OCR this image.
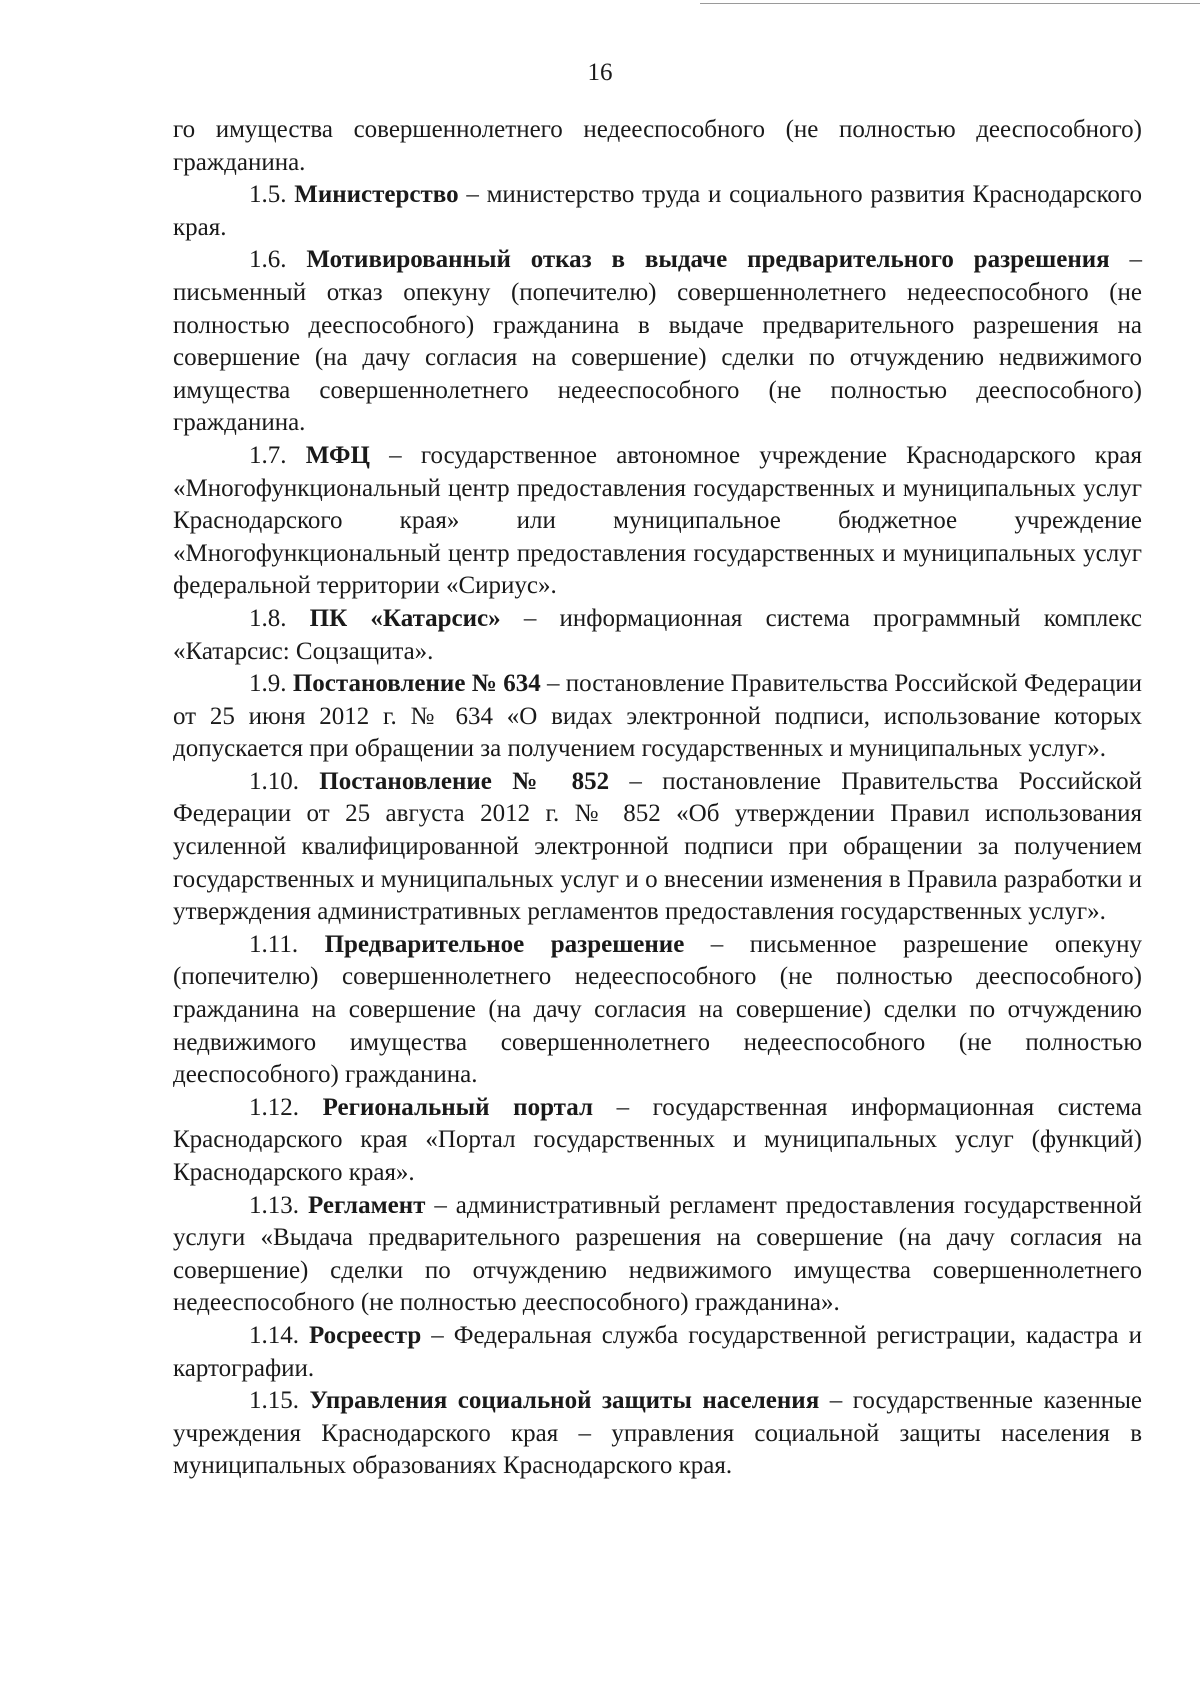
16

го имущества совершеннолетнего недееспособного (не полностью дееспособного) гражданина.

1.5. Министерство – министерство труда и социального развития Краснодарского края.

1.6. Мотивированный отказ в выдаче предварительного разрешения – письменный отказ опекуну (попечителю) совершеннолетнего недееспособного (не полностью дееспособного) гражданина в выдаче предварительного разрешения на совершение (на дачу согласия на совершение) сделки по отчуждению недвижимого имущества совершеннолетнего недееспособного (не полностью дееспособного) гражданина.

1.7. МФЦ – государственное автономное учреждение Краснодарского края «Многофункциональный центр предоставления государственных и муниципальных услуг Краснодарского края» или муниципальное бюджетное учреждение «Многофункциональный центр предоставления государственных и муниципальных услуг федеральной территории «Сириус».

1.8. ПК «Катарсис» – информационная система программный комплекс «Катарсис: Соцзащита».

1.9. Постановление № 634 – постановление Правительства Российской Федерации от 25 июня 2012 г. № 634 «О видах электронной подписи, использование которых допускается при обращении за получением государственных и муниципальных услуг».

1.10. Постановление № 852 – постановление Правительства Российской Федерации от 25 августа 2012 г. № 852 «Об утверждении Правил использования усиленной квалифицированной электронной подписи при обращении за получением государственных и муниципальных услуг и о внесении изменения в Правила разработки и утверждения административных регламентов предоставления государственных услуг».

1.11. Предварительное разрешение – письменное разрешение опекуну (попечителю) совершеннолетнего недееспособного (не полностью дееспособного) гражданина на совершение (на дачу согласия на совершение) сделки по отчуждению недвижимого имущества совершеннолетнего недееспособного (не полностью дееспособного) гражданина.

1.12. Региональный портал – государственная информационная система Краснодарского края «Портал государственных и муниципальных услуг (функций) Краснодарского края».

1.13. Регламент – административный регламент предоставления государственной услуги «Выдача предварительного разрешения на совершение (на дачу согласия на совершение) сделки по отчуждению недвижимого имущества совершеннолетнего недееспособного (не полностью дееспособного) гражданина».

1.14. Росреестр – Федеральная служба государственной регистрации, кадастра и картографии.

1.15. Управления социальной защиты населения – государственные казенные учреждения Краснодарского края – управления социальной защиты населения в муниципальных образованиях Краснодарского края.
